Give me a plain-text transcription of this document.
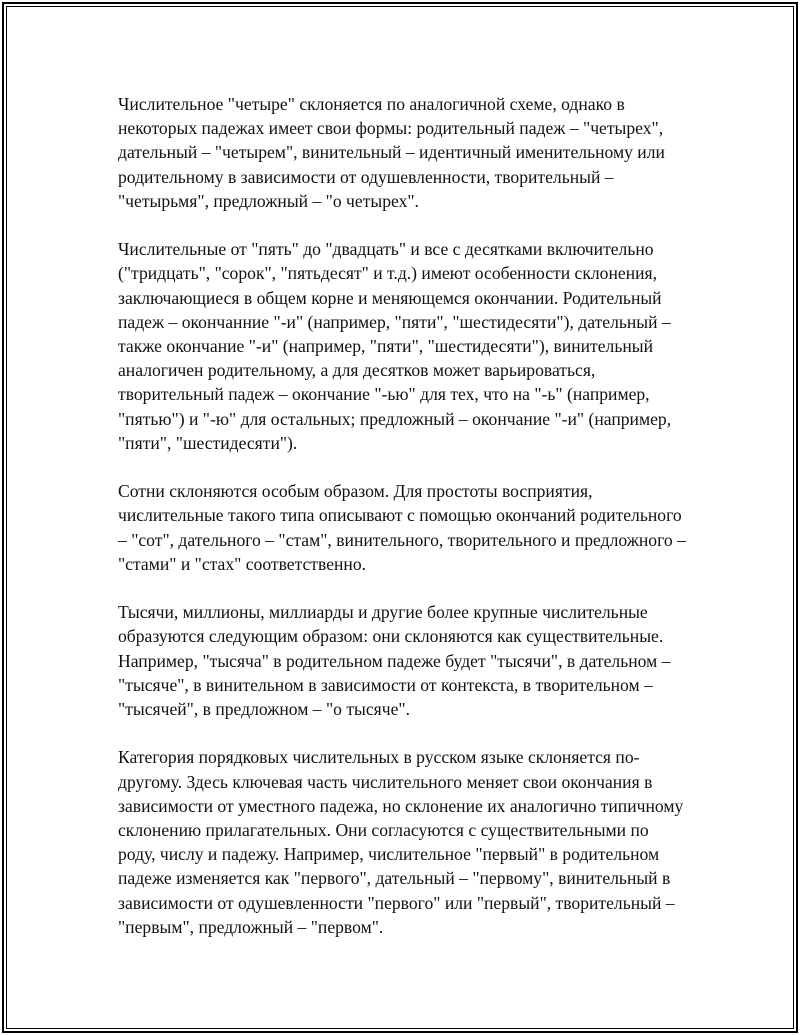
Числительное "четыре" склоняется по аналогичной схеме, однако в некоторых падежах имеет свои формы: родительный падеж – "четырех", дательный – "четырем", винительный – идентичный именительному или родительному в зависимости от одушевленности, творительный – "четырьмя", предложный – "о четырех".

Числительные от "пять" до "двадцать" и все с десятками включительно ("тридцать", "сорок", "пятьдесят" и т.д.) имеют особенности склонения, заключающиеся в общем корне и меняющемся окончании. Родительный падеж – окончанние "-и" (например, "пяти", "шестидесяти"), дательный – также окончание "-и" (например, "пяти", "шестидесяти"), винительный аналогичен родительному, а для десятков может варьироваться, творительный падеж – окончание "-ью" для тех, что на "-ь" (например, "пятью") и "-ю" для остальных; предложный – окончание "-и" (например, "пяти", "шестидесяти").

Сотни склоняются особым образом. Для простоты восприятия, числительные такого типа описывают с помощью окончаний родительного – "сот", дательного – "стам", винительного, творительного и предложного – "стами" и "стах" соответственно.

Тысячи, миллионы, миллиарды и другие более крупные числительные образуются следующим образом: они склоняются как существительные. Например, "тысяча" в родительном падеже будет "тысячи", в дательном – "тысяче", в винительном в зависимости от контекста, в творительном – "тысячей", в предложном – "о тысяче".

Категория порядковых числительных в русском языке склоняется по-другому. Здесь ключевая часть числительного меняет свои окончания в зависимости от уместного падежа, но склонение их аналогично типичному склонению прилагательных. Они согласуются с существительными по роду, числу и падежу. Например, числительное "первый" в родительном падеже изменяется как "первого", дательный – "первому", винительный в зависимости от одушевленности "первого" или "первый", творительный – "первым", предложный – "первом".
